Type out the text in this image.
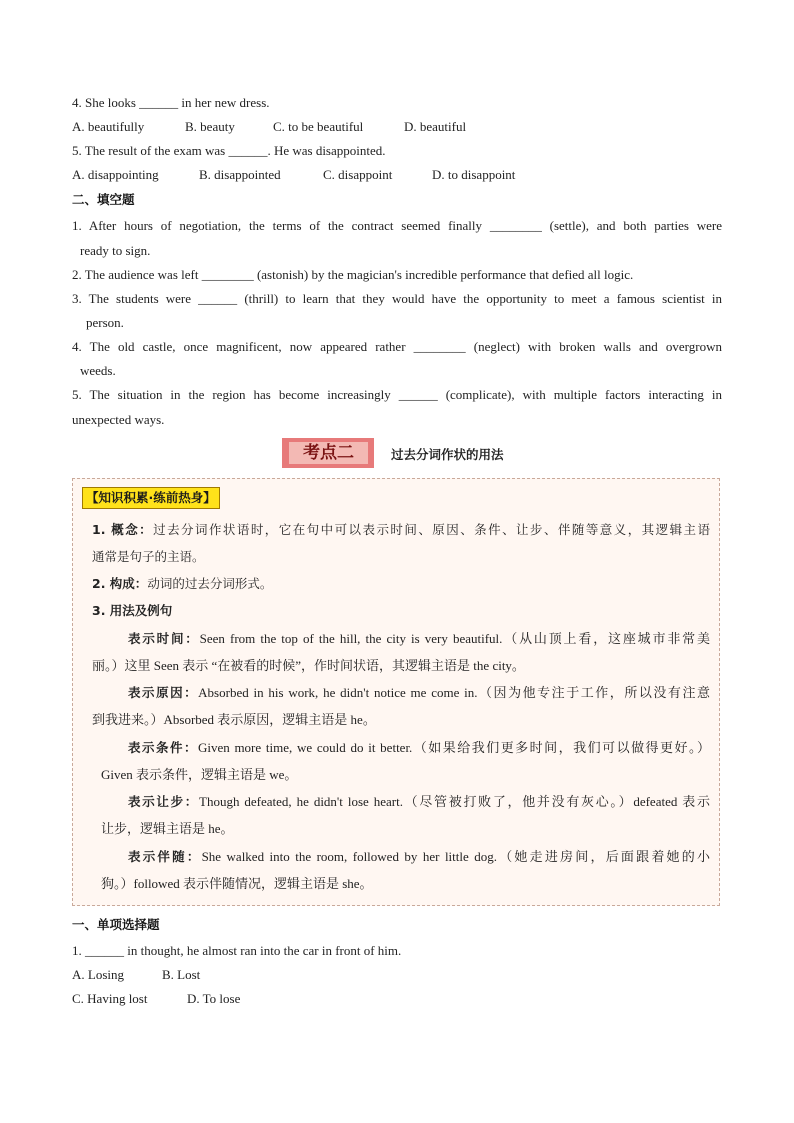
4. She looks ______ in her new dress.
A. beautifully	B. beauty	C. to be beautiful	D. beautiful
5. The result of the exam was ______. He was disappointed.
A. disappointing	B. disappointed	C. disappoint	D. to disappoint
二、填空题
1. After hours of negotiation, the terms of the contract seemed finally ________ (settle), and both parties were
ready to sign.
2. The audience was left ________ (astonish) by the magician's incredible performance that defied all logic.
3. The students were ______ (thrill) to learn that they would have the opportunity to meet a famous scientist in
person.
4. The old castle, once magnificent, now appeared rather ________ (neglect) with broken walls and overgrown
weeds.
5. The situation in the region has become increasingly ______ (complicate), with multiple factors interacting in
unexpected ways.
考点二	过去分词作状的用法
【知识积累·练前热身】
1. 概念：过去分词作状语时，它在句中可以表示时间、原因、条件、让步、伴随等意义，其逻辑主语
通常是句子的主语。
2. 构成：动词的过去分词形式。
3. 用法及例句
表示时间：Seen from the top of the hill, the city is very beautiful.（从山顶上看，这座城市非常美
丽。）这里 Seen 表示 “在被看的时候”，作时间状语，其逻辑主语是 the city。
表示原因：Absorbed in his work, he didn't notice me come in.（因为他专注于工作，所以没有注意
到我进来。）Absorbed 表示原因，逻辑主语是 he。
表示条件：Given more time, we could do it better.（如果给我们更多时间，我们可以做得更好。）
Given 表示条件，逻辑主语是 we。
表示让步：Though defeated, he didn't lose heart.（尽管被打败了，他并没有灰心。）defeated 表示
让步，逻辑主语是 he。
表示伴随：She walked into the room, followed by her little dog.（她走进房间，后面跟着她的小
狗。）followed 表示伴随情况，逻辑主语是 she。
一、单项选择题
1. ______ in thought, he almost ran into the car in front of him.
A. Losing	B. Lost
C. Having lost	D. To lose
